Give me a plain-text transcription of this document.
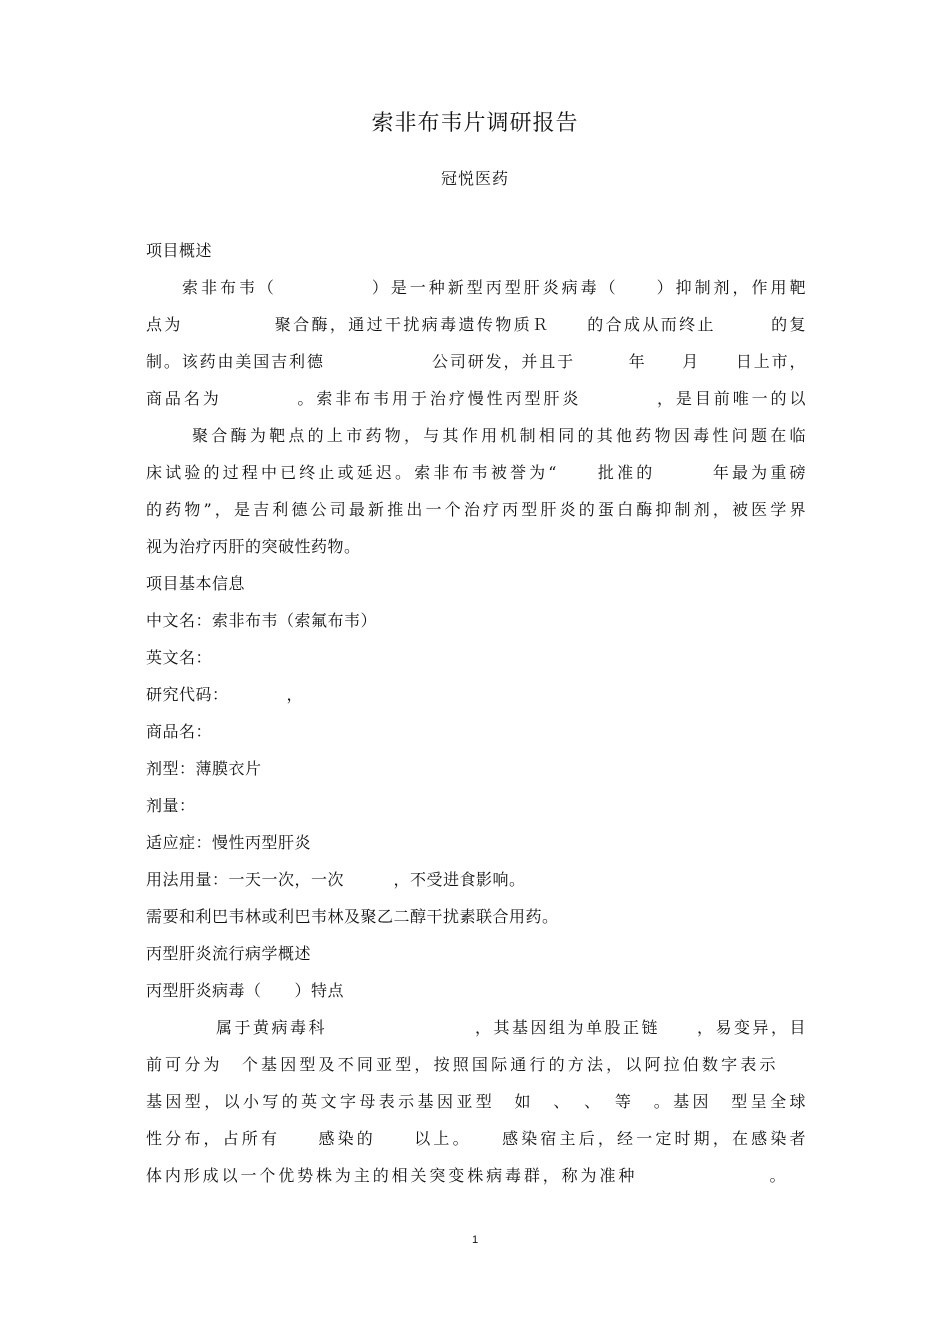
索非布韦片调研报告
冠悦医药
项目概述
索非布韦（　　　　　）是一种新型丙型肝炎病毒（　　）抑制剂，作用靶
点为　　　　　聚合酶，通过干扰病毒遗传物质Ｒ　　的合成从而终止　　　的复
制。该药由美国吉利德　　　　　　公司研发，并且于　　　年　　月　　日上市，
商品名为　　　　。索非布韦用于治疗慢性丙型肝炎　　　　，是目前唯一的以
聚合酶为靶点的上市药物，与其作用机制相同的其他药物因毒性问题在临
床试验的过程中已终止或延迟。索非布韦被誉为“　　批准的　　　年最为重磅
的药物”，是吉利德公司最新推出一个治疗丙型肝炎的蛋白酶抑制剂，被医学界
视为治疗丙肝的突破性药物。
项目基本信息
中文名：索非布韦（索氟布韦）
英文名：
研究代码：　　　　，
商品名：
剂型：薄膜衣片
剂量：
适应症：慢性丙型肝炎
用法用量：一天一次，一次　　　，不受进食影响。
需要和利巴韦林或利巴韦林及聚乙二醇干扰素联合用药。
丙型肝炎流行病学概述
丙型肝炎病毒（　　）特点
属于黄病毒科　　　　　　　　，其基因组为单股正链　　，易变异，目
前可分为　个基因型及不同亚型，按照国际通行的方法，以阿拉伯数字表示
基因型，以小写的英文字母表示基因亚型　如　、　、　等　。基因　型呈全球
性分布，占所有　　感染的　　以上。　　感染宿主后，经一定时期，在感染者
体内形成以一个优势株为主的相关突变株病毒群，称为准种　　　　　　　。
1
